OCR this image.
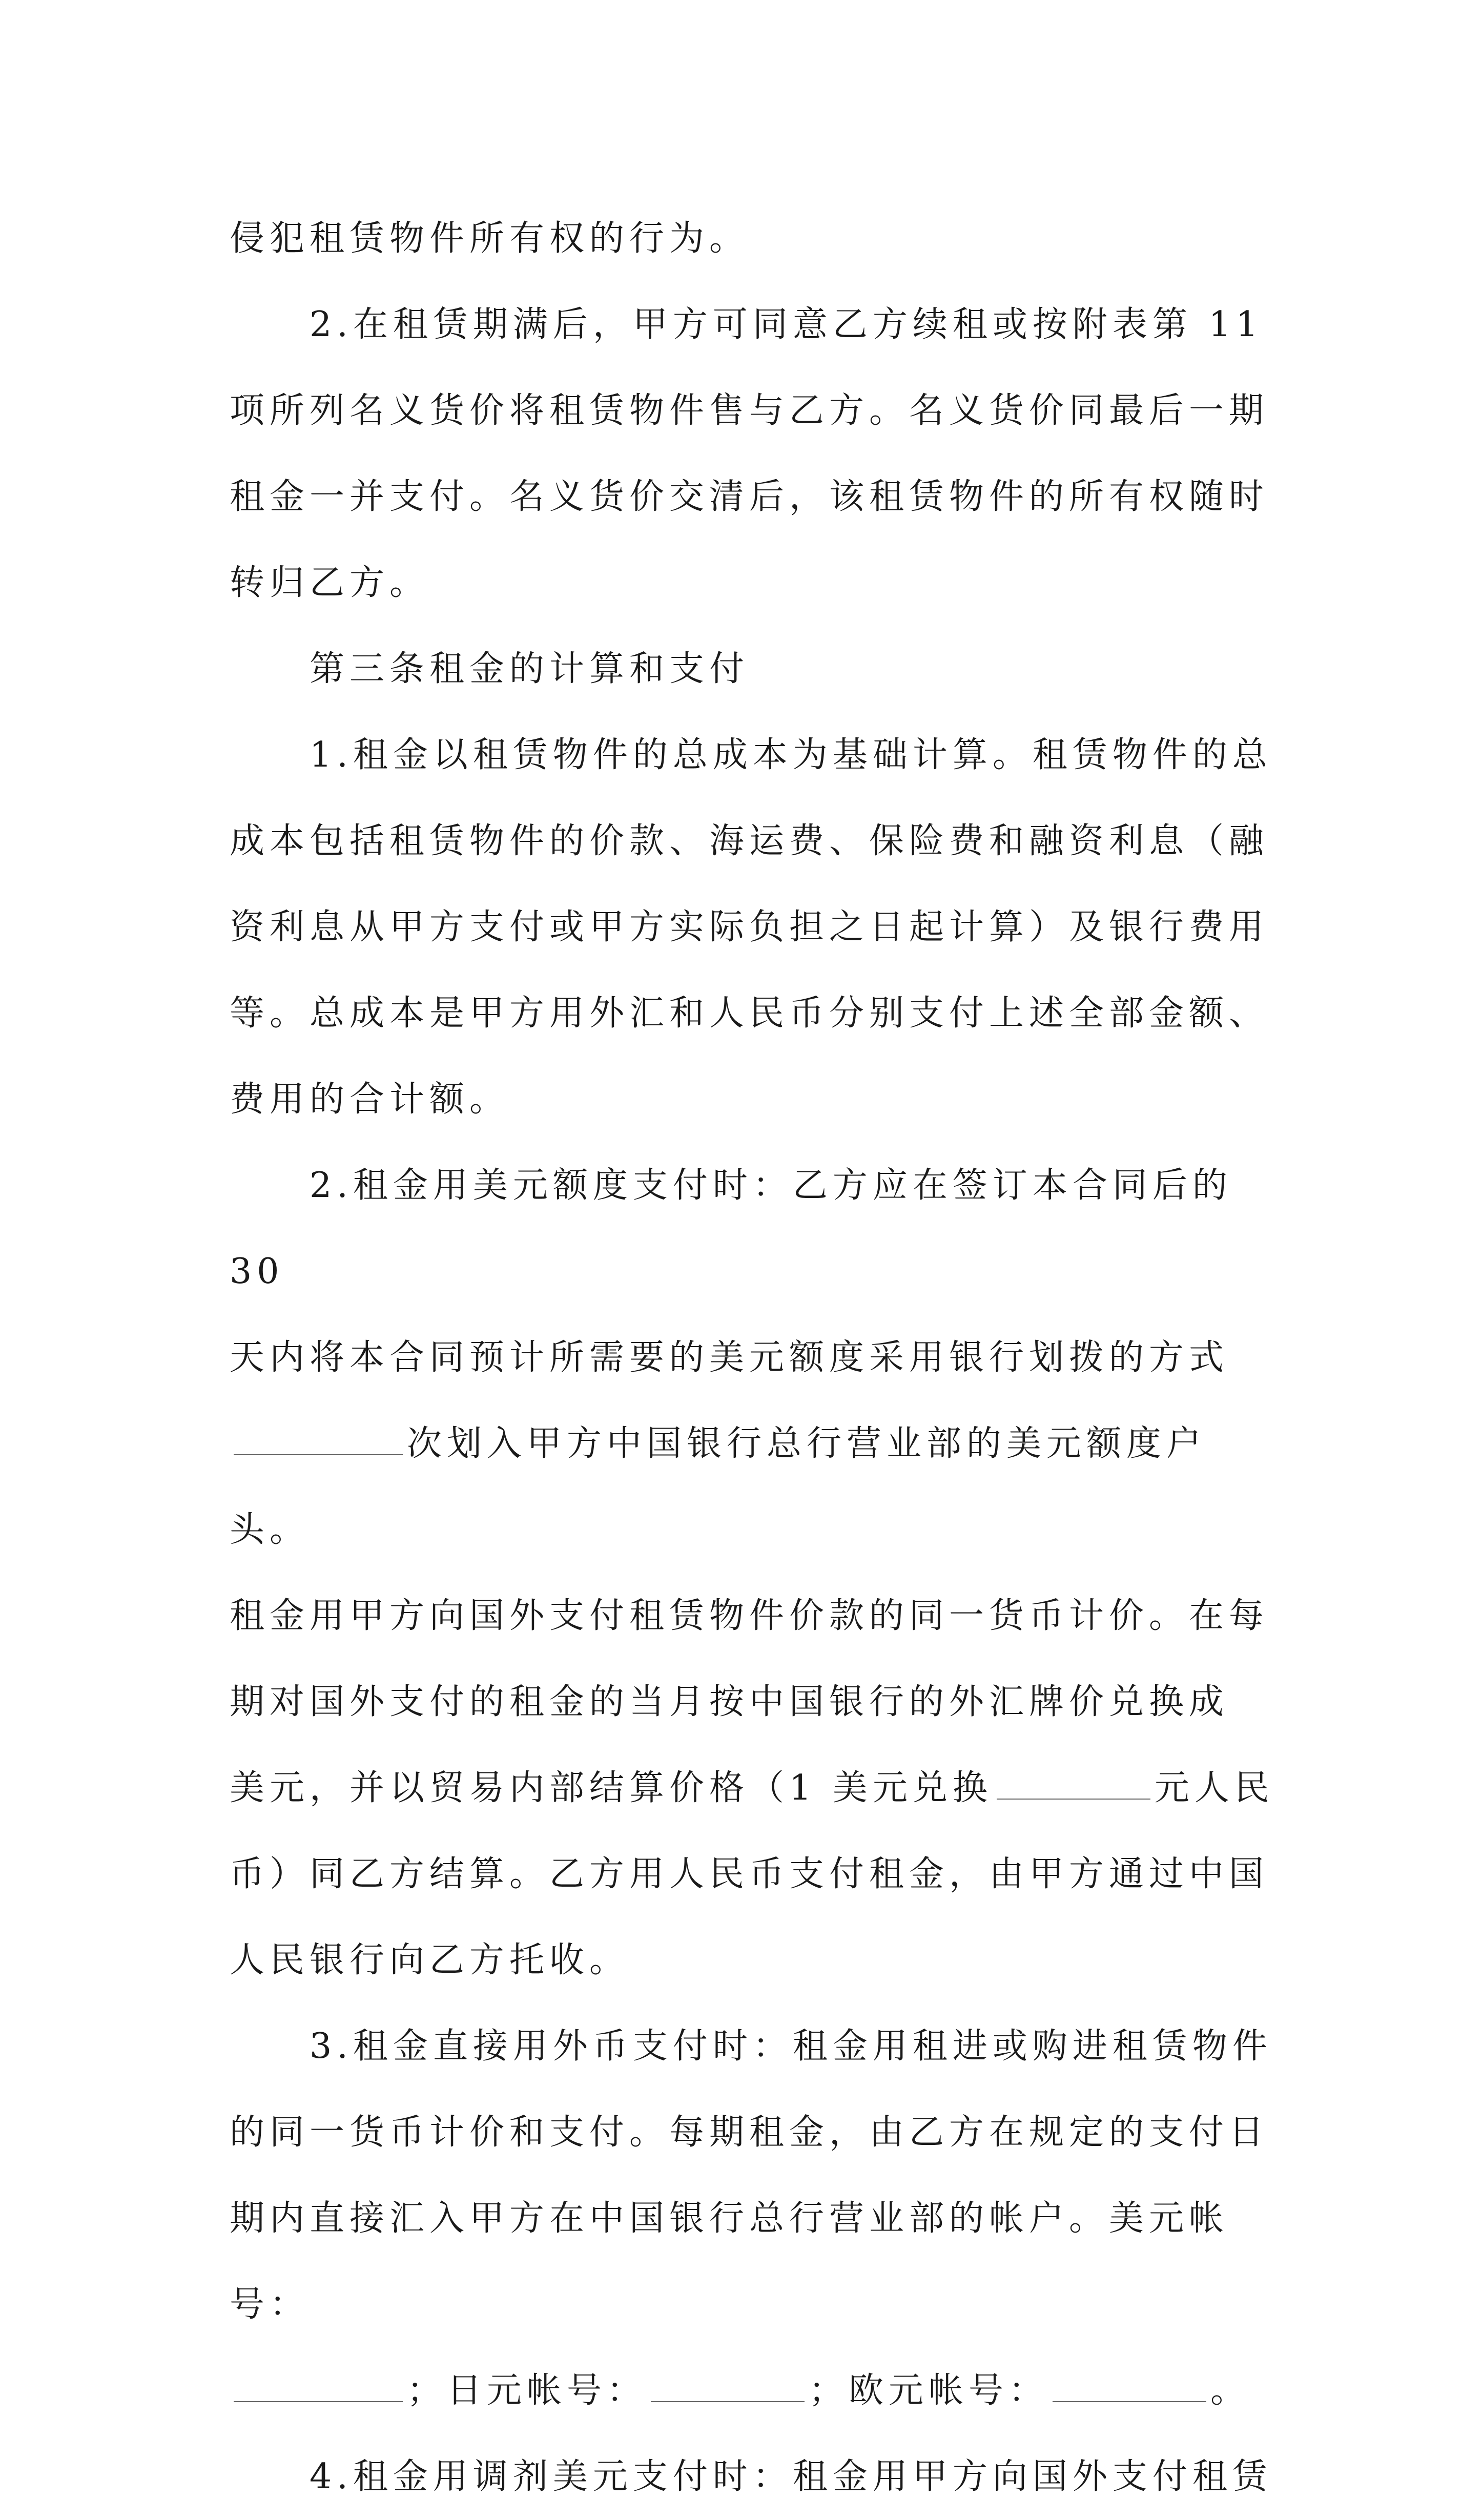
侵犯租赁物件所有权的行为。

2.在租赁期满后，甲方可同意乙方续租或按附表第 11

项所列名义货价将租赁物件售与乙方。名义货价同最后一期

租金一并支付。名义货价交清后，该租赁物件的所有权随时

转归乙方。

第三条租金的计算和支付

1.租金以租赁物件的总成本为基础计算。租赁物件的总

成本包括租赁物件的价款、海运费、保险费和融资利息（融

资利息从甲方支付或甲方实际负担之日起计算）及银行费用

等。总成本是甲方用外汇和人民币分别支付上述全部金额、

费用的合计额。

2.租金用美元额度支付时：乙方应在签订本合同后的 30

天内将本合同预计所需要的美元额度采用银行划拨的方式

次划入甲方中国银行总行营业部的美元额度户头。

租金用甲方向国外支付租赁物件价款的同一货币计价。在每

期对国外支付的租金的当月按中国银行的外汇牌价兑换成

美元，并以贸易内部结算价格（1 美元兑换	元人民

币）同乙方结算。乙方用人民币支付租金，由甲方通过中国

人民银行向乙方托收。

3.租金直接用外币支付时：租金用租进或购进租赁物件

的同一货币计价和支付。每期租金，由乙方在规定的支付日

期内直接汇入甲方在中国银行总行营业部的帐户。美元帐号：

；日元帐号：	；欧元帐号：	。

4.租金用调剂美元支付时：租金用甲方向国外支付租赁
